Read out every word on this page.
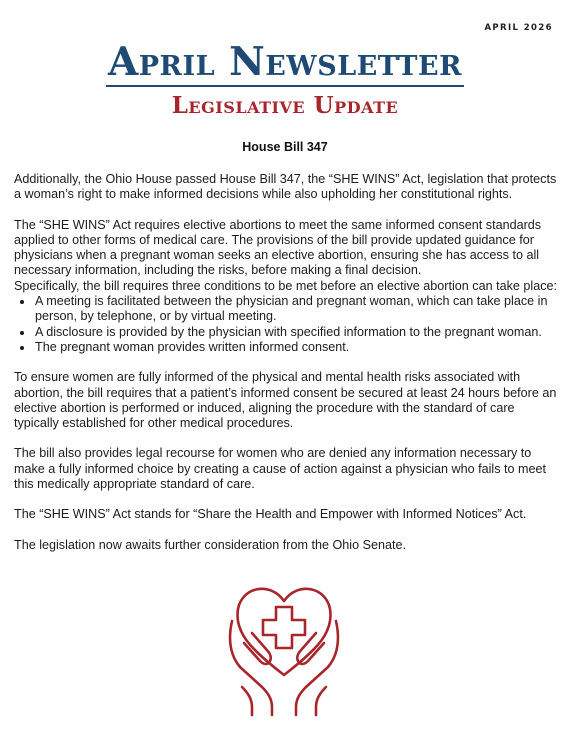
APRIL 2026
April Newsletter
Legislative Update
House Bill 347

Additionally, the Ohio House passed House Bill 347, the “SHE WINS” Act, legislation that protects a woman’s right to make informed decisions while also upholding her constitutional rights.

The “SHE WINS” Act requires elective abortions to meet the same informed consent standards applied to other forms of medical care. The provisions of the bill provide updated guidance for physicians when a pregnant woman seeks an elective abortion, ensuring she has access to all necessary information, including the risks, before making a final decision.

Specifically, the bill requires three conditions to be met before an elective abortion can take place:

• A meeting is facilitated between the physician and pregnant woman, which can take place in person, by telephone, or by virtual meeting.
• A disclosure is provided by the physician with specified information to the pregnant woman.
• The pregnant woman provides written informed consent.

To ensure women are fully informed of the physical and mental health risks associated with abortion, the bill requires that a patient’s informed consent be secured at least 24 hours before an elective abortion is performed or induced, aligning the procedure with the standard of care typically established for other medical procedures.

The bill also provides legal recourse for women who are denied any information necessary to make a fully informed choice by creating a cause of action against a physician who fails to meet this medically appropriate standard of care.

The “SHE WINS” Act stands for “Share the Health and Empower with Informed Notices” Act.

The legislation now awaits further consideration from the Ohio Senate.
